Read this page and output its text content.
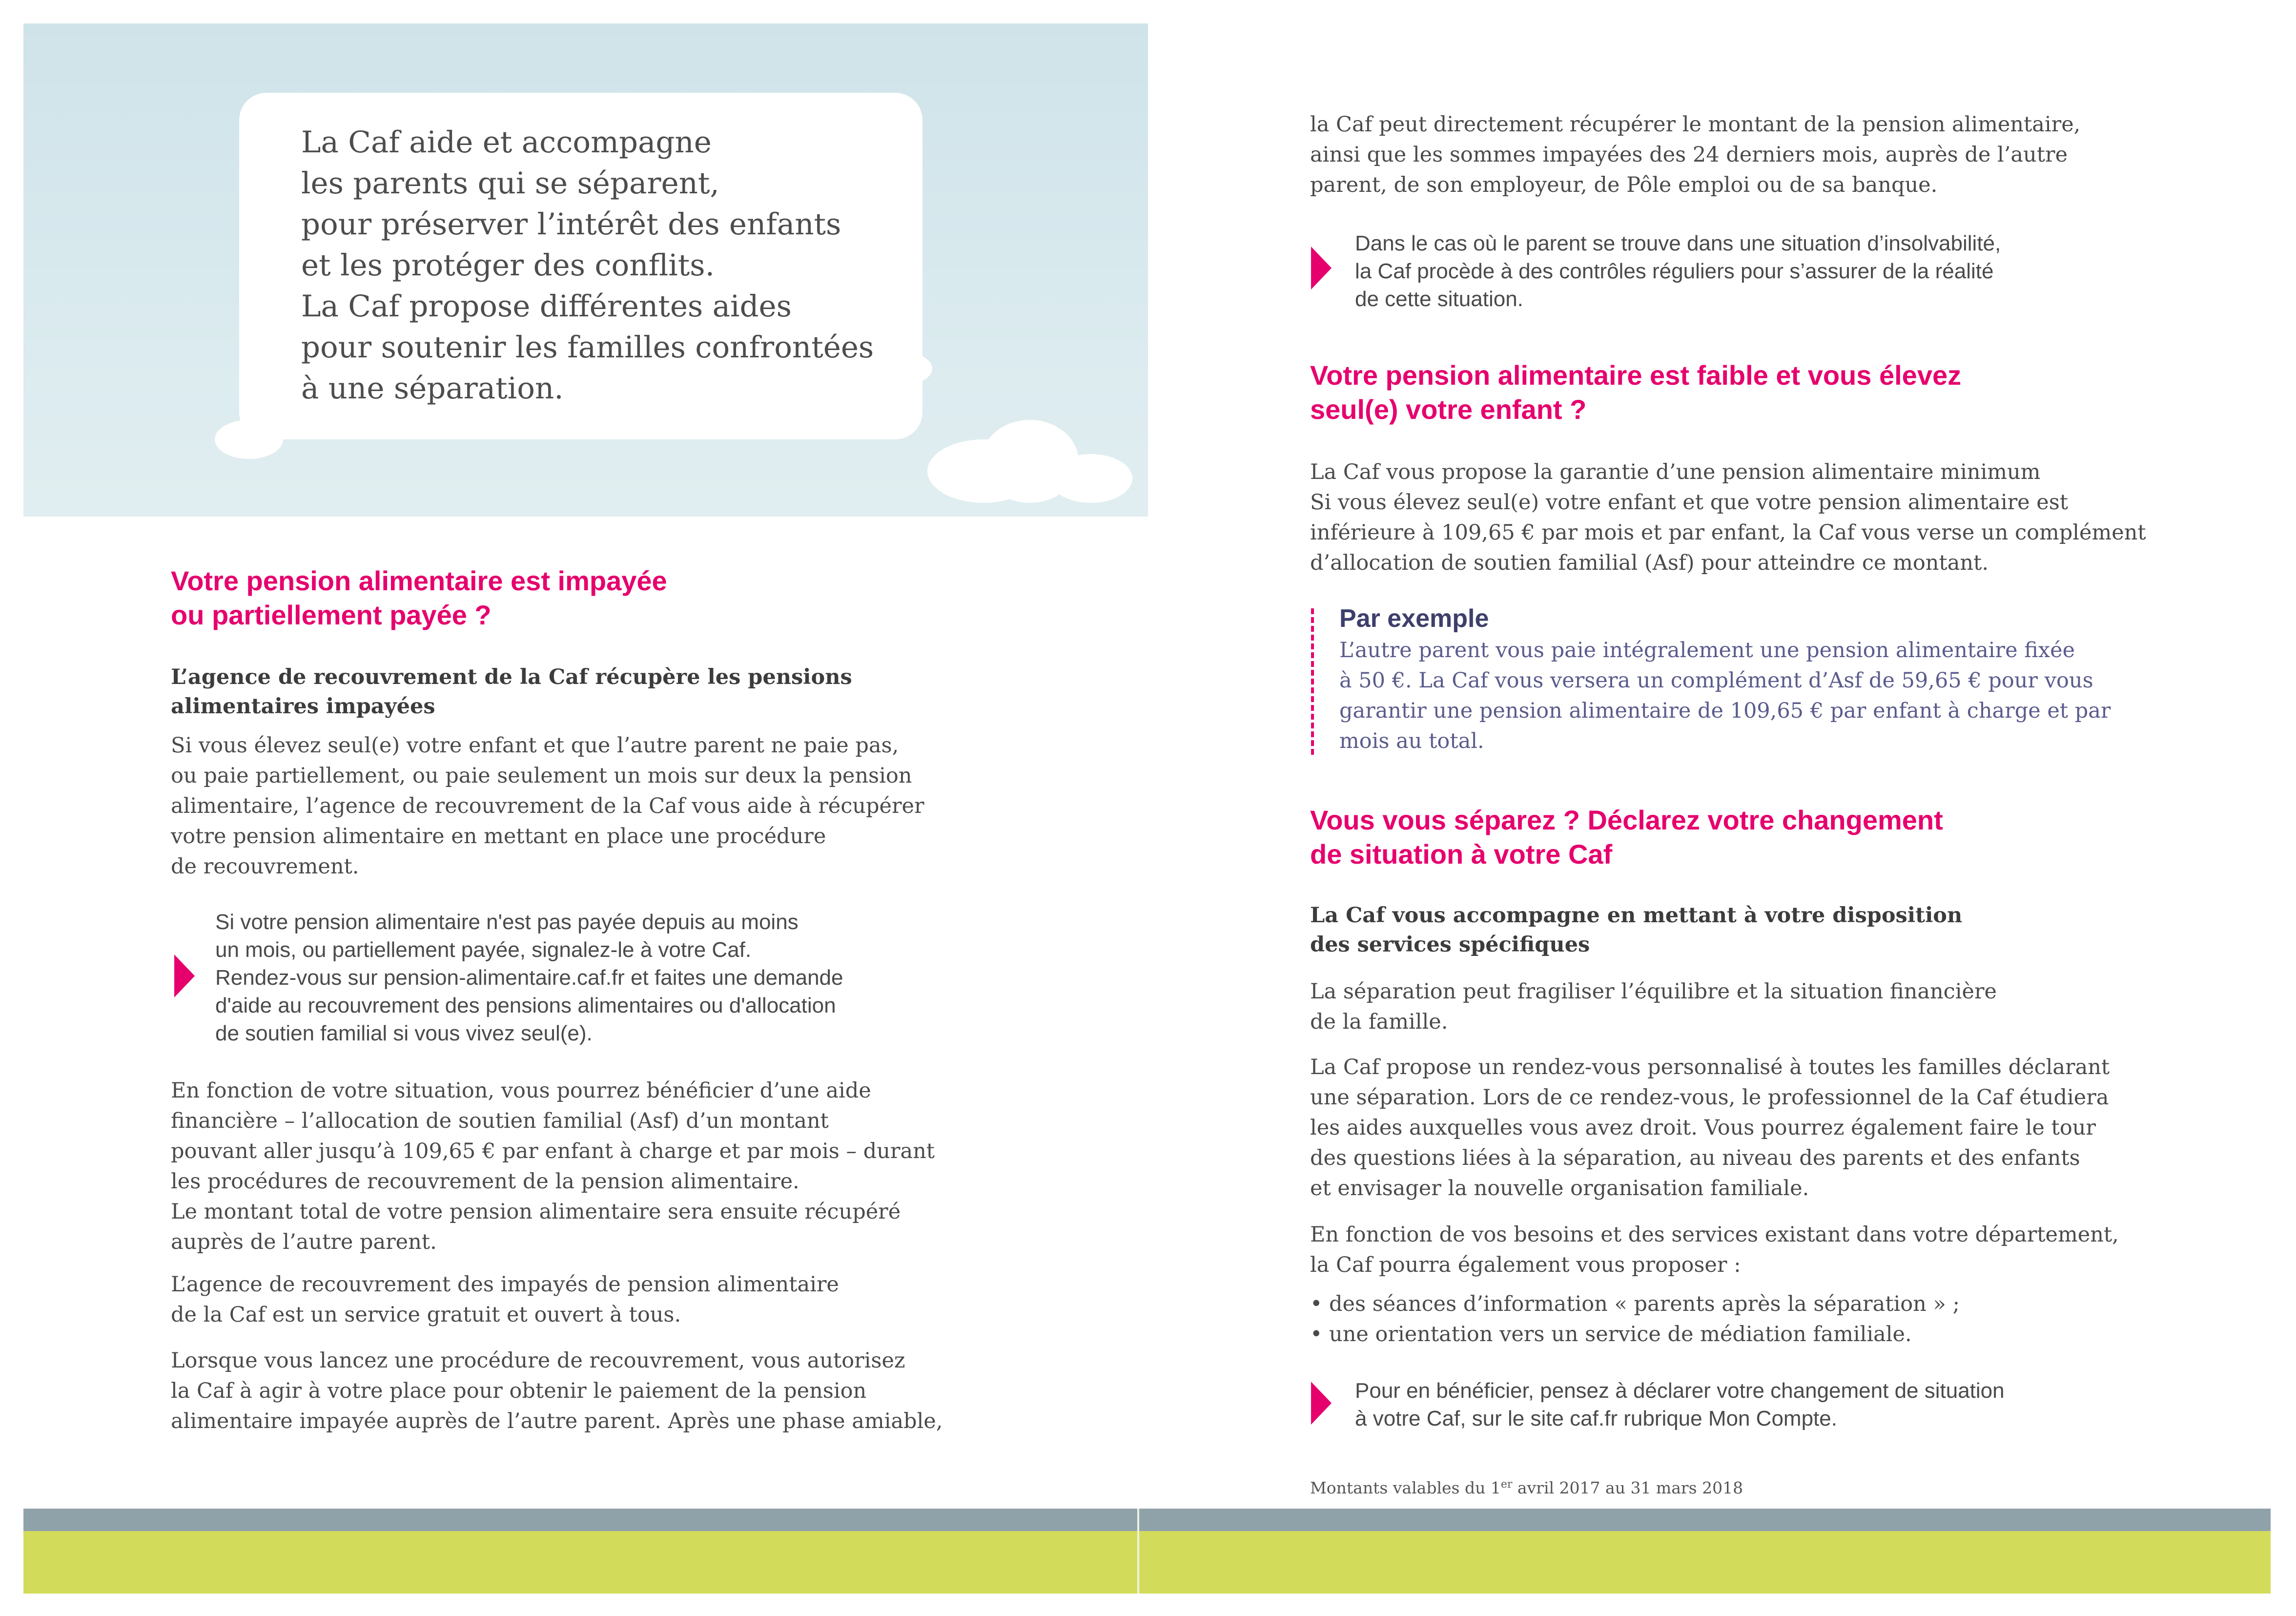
La Caf aide et accompagne
les parents qui se séparent,
pour préserver l’intérêt des enfants
et les protéger des conflits.
La Caf propose différentes aides
pour soutenir les familles confrontées
à une séparation.
Votre pension alimentaire est impayée
ou partiellement payée ?
L’agence de recouvrement de la Caf récupère les pensions
alimentaires impayées
Si vous élevez seul(e) votre enfant et que l’autre parent ne paie pas,
ou paie partiellement, ou paie seulement un mois sur deux la pension
alimentaire, l’agence de recouvrement de la Caf vous aide à récupérer
votre pension alimentaire en mettant en place une procédure
de recouvrement.
Si votre pension alimentaire n'est pas payée depuis au moins
un mois, ou partiellement payée, signalez-le à votre Caf.
Rendez-vous sur pension-alimentaire.caf.fr et faites une demande
d'aide au recouvrement des pensions alimentaires ou d'allocation
de soutien familial si vous vivez seul(e).
En fonction de votre situation, vous pourrez bénéficier d’une aide
financière – l’allocation de soutien familial (Asf) d’un montant
pouvant aller jusqu’à 109,65 € par enfant à charge et par mois – durant
les procédures de recouvrement de la pension alimentaire.
Le montant total de votre pension alimentaire sera ensuite récupéré
auprès de l’autre parent.
L’agence de recouvrement des impayés de pension alimentaire
de la Caf est un service gratuit et ouvert à tous.
Lorsque vous lancez une procédure de recouvrement, vous autorisez
la Caf à agir à votre place pour obtenir le paiement de la pension
alimentaire impayée auprès de l’autre parent. Après une phase amiable,
la Caf peut directement récupérer le montant de la pension alimentaire,
ainsi que les sommes impayées des 24 derniers mois, auprès de l’autre
parent, de son employeur, de Pôle emploi ou de sa banque.
Dans le cas où le parent se trouve dans une situation d’insolvabilité,
la Caf procède à des contrôles réguliers pour s’assurer de la réalité
de cette situation.
Votre pension alimentaire est faible et vous élevez
seul(e) votre enfant ?
La Caf vous propose la garantie d’une pension alimentaire minimum
Si vous élevez seul(e) votre enfant et que votre pension alimentaire est
inférieure à 109,65 € par mois et par enfant, la Caf vous verse un complément
d’allocation de soutien familial (Asf) pour atteindre ce montant.
Par exemple
L’autre parent vous paie intégralement une pension alimentaire fixée
à 50 €. La Caf vous versera un complément d’Asf de 59,65 € pour vous
garantir une pension alimentaire de 109,65 € par enfant à charge et par
mois au total.
Vous vous séparez ? Déclarez votre changement
de situation à votre Caf
La Caf vous accompagne en mettant à votre disposition
des services spécifiques
La séparation peut fragiliser l’équilibre et la situation financière
de la famille.
La Caf propose un rendez-vous personnalisé à toutes les familles déclarant
une séparation. Lors de ce rendez-vous, le professionnel de la Caf étudiera
les aides auxquelles vous avez droit. Vous pourrez également faire le tour
des questions liées à la séparation, au niveau des parents et des enfants
et envisager la nouvelle organisation familiale.
En fonction de vos besoins et des services existant dans votre département,
la Caf pourra également vous proposer :
• des séances d’information « parents après la séparation » ;
• une orientation vers un service de médiation familiale.
Pour en bénéficier, pensez à déclarer votre changement de situation
à votre Caf, sur le site caf.fr rubrique Mon Compte.
Montants valables du 1er avril 2017 au 31 mars 2018
